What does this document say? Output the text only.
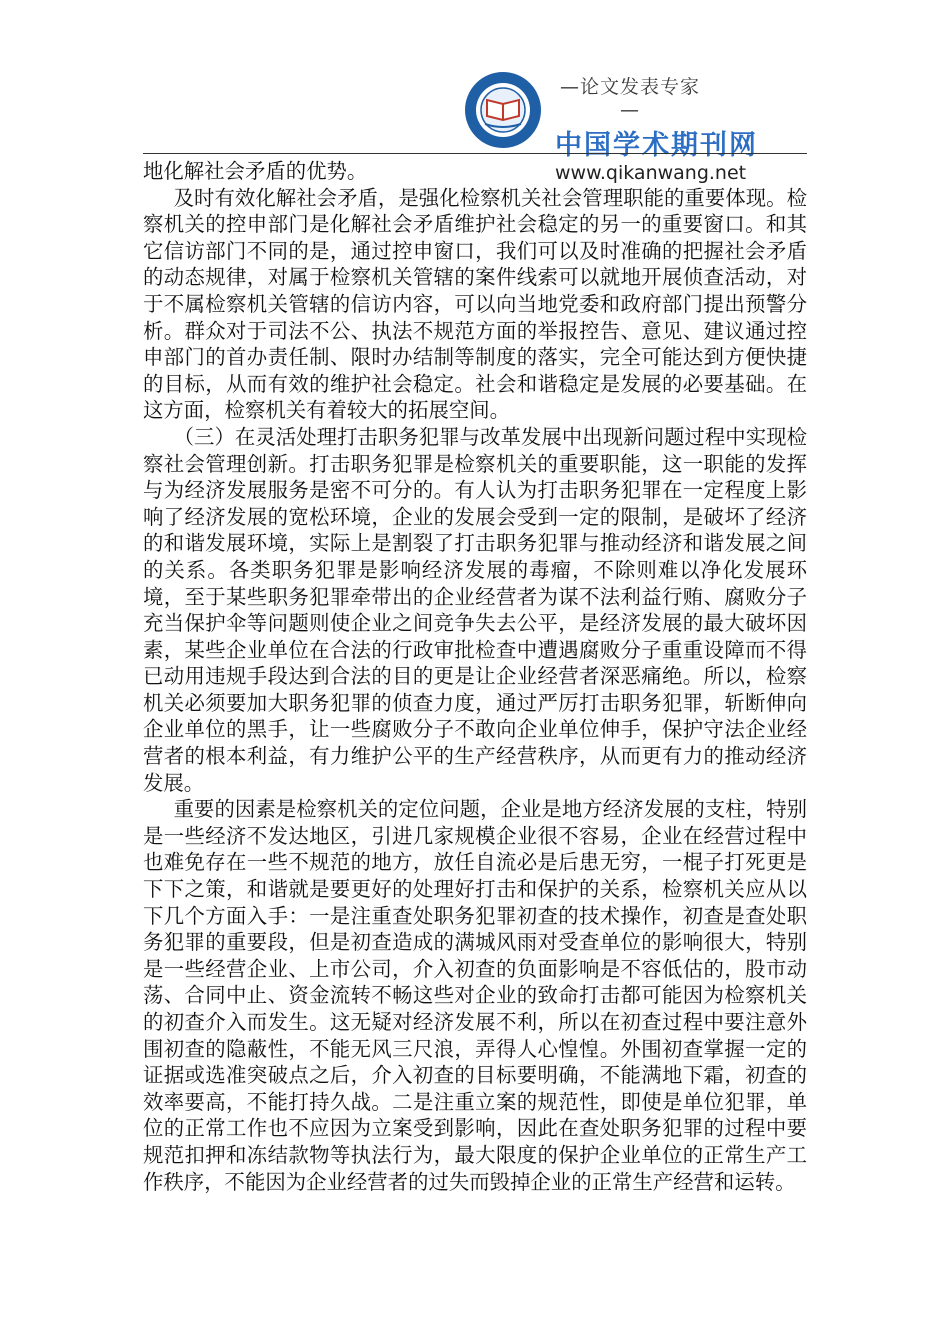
—论文发表专家—
中国学术期刊网
www.qikanwang.net

地化解社会矛盾的优势。

及时有效化解社会矛盾，是强化检察机关社会管理职能的重要体现。检察机关的控申部门是化解社会矛盾维护社会稳定的另一的重要窗口。和其它信访部门不同的是，通过控申窗口，我们可以及时准确的把握社会矛盾的动态规律，对属于检察机关管辖的案件线索可以就地开展侦查活动，对于不属检察机关管辖的信访内容，可以向当地党委和政府部门提出预警分析。群众对于司法不公、执法不规范方面的举报控告、意见、建议通过控申部门的首办责任制、限时办结制等制度的落实，完全可能达到方便快捷的目标，从而有效的维护社会稳定。社会和谐稳定是发展的必要基础。在这方面，检察机关有着较大的拓展空间。

（三）在灵活处理打击职务犯罪与改革发展中出现新问题过程中实现检察社会管理创新。打击职务犯罪是检察机关的重要职能，这一职能的发挥与为经济发展服务是密不可分的。有人认为打击职务犯罪在一定程度上影响了经济发展的宽松环境，企业的发展会受到一定的限制，是破坏了经济的和谐发展环境，实际上是割裂了打击职务犯罪与推动经济和谐发展之间的关系。各类职务犯罪是影响经济发展的毒瘤，不除则难以净化发展环境，至于某些职务犯罪牵带出的企业经营者为谋不法利益行贿、腐败分子充当保护伞等问题则使企业之间竞争失去公平，是经济发展的最大破坏因素，某些企业单位在合法的行政审批检查中遭遇腐败分子重重设障而不得已动用违规手段达到合法的目的更是让企业经营者深恶痛绝。所以，检察机关必须要加大职务犯罪的侦查力度，通过严厉打击职务犯罪，斩断伸向企业单位的黑手，让一些腐败分子不敢向企业单位伸手，保护守法企业经营者的根本利益，有力维护公平的生产经营秩序，从而更有力的推动经济发展。

重要的因素是检察机关的定位问题，企业是地方经济发展的支柱，特别是一些经济不发达地区，引进几家规模企业很不容易，企业在经营过程中也难免存在一些不规范的地方，放任自流必是后患无穷，一棍子打死更是下下之策，和谐就是要更好的处理好打击和保护的关系，检察机关应从以下几个方面入手：一是注重查处职务犯罪初查的技术操作，初查是查处职务犯罪的重要段，但是初查造成的满城风雨对受查单位的影响很大，特别是一些经营企业、上市公司，介入初查的负面影响是不容低估的，股市动荡、合同中止、资金流转不畅这些对企业的致命打击都可能因为检察机关的初查介入而发生。这无疑对经济发展不利，所以在初查过程中要注意外围初查的隐蔽性，不能无风三尺浪，弄得人心惶惶。外围初查掌握一定的证据或选准突破点之后，介入初查的目标要明确，不能满地下霜，初查的效率要高，不能打持久战。二是注重立案的规范性，即使是单位犯罪，单位的正常工作也不应因为立案受到影响，因此在查处职务犯罪的过程中要规范扣押和冻结款物等执法行为，最大限度的保护企业单位的正常生产工作秩序，不能因为企业经营者的过失而毁掉企业的正常生产经营和运转。
